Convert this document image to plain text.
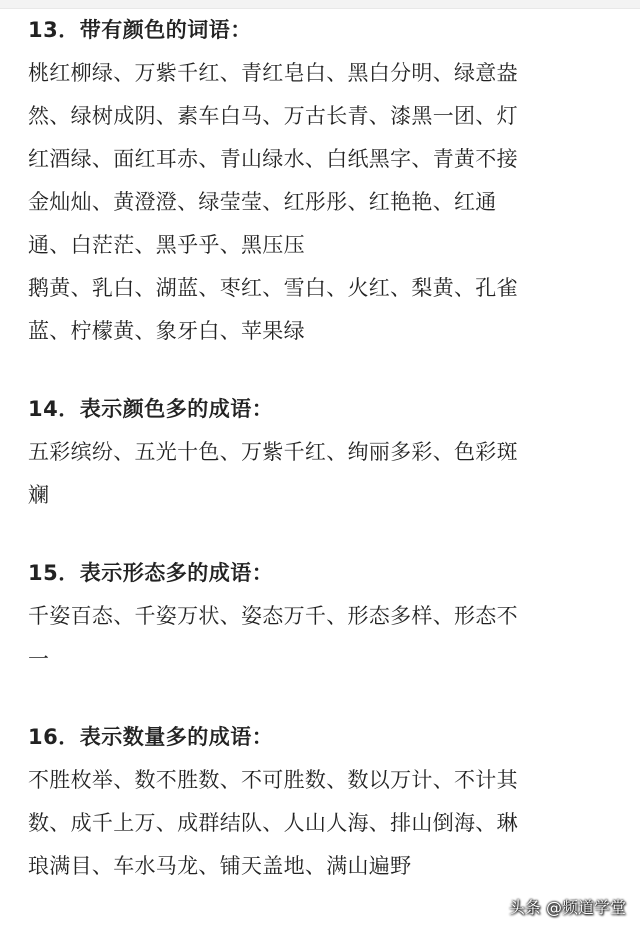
13．带有颜色的词语：
桃红柳绿、万紫千红、青红皂白、黑白分明、绿意盎
然、绿树成阴、素车白马、万古长青、漆黑一团、灯
红酒绿、面红耳赤、青山绿水、白纸黑字、青黄不接
金灿灿、黄澄澄、绿莹莹、红彤彤、红艳艳、红通
通、白茫茫、黑乎乎、黑压压
鹅黄、乳白、湖蓝、枣红、雪白、火红、梨黄、孔雀
蓝、柠檬黄、象牙白、苹果绿
14．表示颜色多的成语：
五彩缤纷、五光十色、万紫千红、绚丽多彩、色彩斑
斓
15．表示形态多的成语：
千姿百态、千姿万状、姿态万千、形态多样、形态不
一
16．表示数量多的成语：
不胜枚举、数不胜数、不可胜数、数以万计、不计其
数、成千上万、成群结队、人山人海、排山倒海、琳
琅满目、车水马龙、铺天盖地、满山遍野
头条 @频道学堂
